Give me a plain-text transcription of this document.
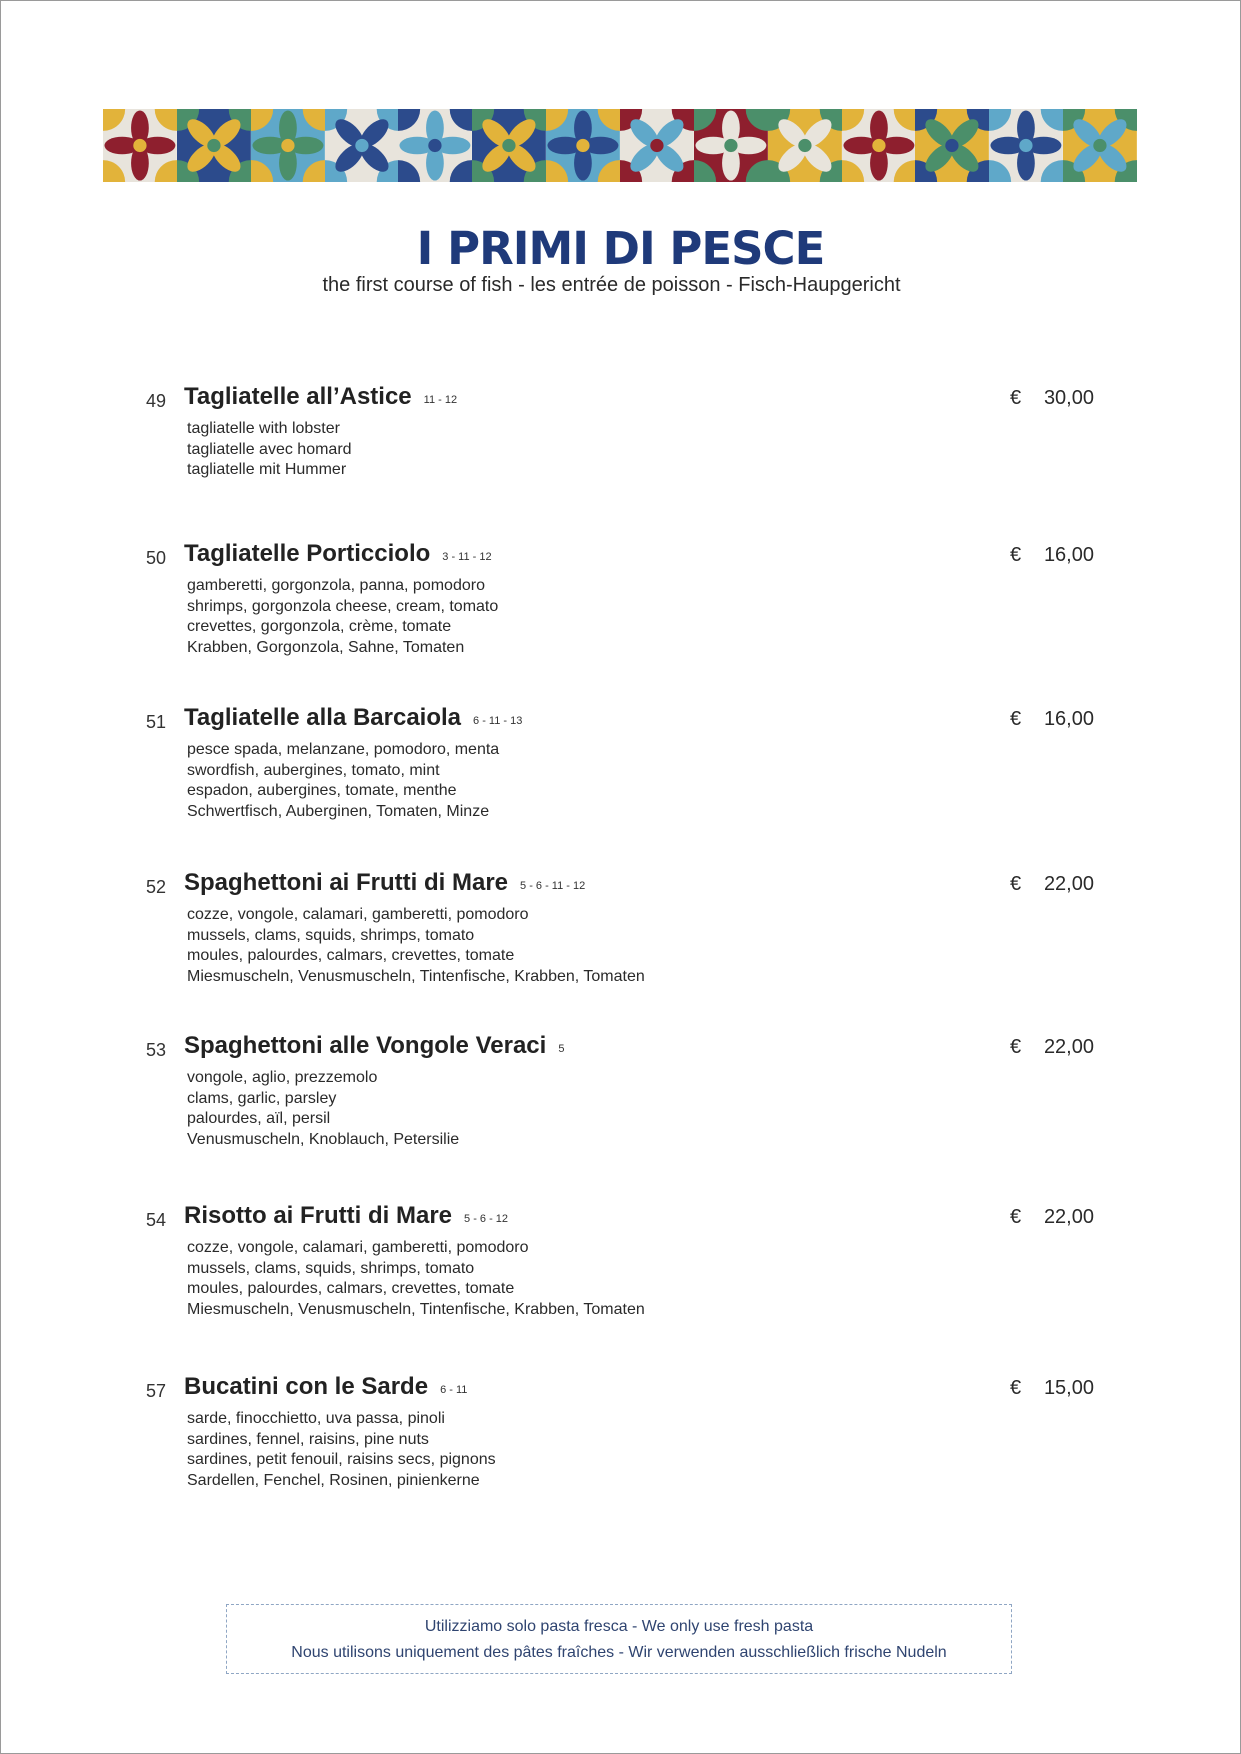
I PRIMI DI PESCE
the first course of fish - les entrée de poisson - Fisch-Haupgericht
49 Tagliatelle all’Astice 11 - 12	€ 30,00
tagliatelle with lobster
tagliatelle avec homard
tagliatelle mit Hummer
50 Tagliatelle Porticciolo 3 - 11 - 12	€ 16,00
gamberetti, gorgonzola, panna, pomodoro
shrimps, gorgonzola cheese, cream, tomato
crevettes, gorgonzola, crème, tomate
Krabben, Gorgonzola, Sahne, Tomaten
51 Tagliatelle alla Barcaiola 6 - 11 - 13	€ 16,00
pesce spada, melanzane, pomodoro, menta
swordfish, aubergines, tomato, mint
espadon, aubergines, tomate, menthe
Schwertfisch, Auberginen, Tomaten, Minze
52 Spaghettoni ai Frutti di Mare 5 - 6 - 11 - 12	€ 22,00
cozze, vongole, calamari, gamberetti, pomodoro
mussels, clams, squids, shrimps, tomato
moules, palourdes, calmars, crevettes, tomate
Miesmuscheln, Venusmuscheln, Tintenfische, Krabben, Tomaten
53 Spaghettoni alle Vongole Veraci 5	€ 22,00
vongole, aglio, prezzemolo
clams, garlic, parsley
palourdes, aïl, persil
Venusmuscheln, Knoblauch, Petersilie
54 Risotto ai Frutti di Mare 5 - 6 - 12	€ 22,00
cozze, vongole, calamari, gamberetti, pomodoro
mussels, clams, squids, shrimps, tomato
moules, palourdes, calmars, crevettes, tomate
Miesmuscheln, Venusmuscheln, Tintenfische, Krabben, Tomaten
57 Bucatini con le Sarde 6 - 11	€ 15,00
sarde, finocchietto, uva passa, pinoli
sardines, fennel, raisins, pine nuts
sardines, petit fenouil, raisins secs, pignons
Sardellen, Fenchel, Rosinen, pinienkerne
Utilizziamo solo pasta fresca - We only use fresh pasta
Nous utilisons uniquement des pâtes fraîches - Wir verwenden ausschließlich frische Nudeln
